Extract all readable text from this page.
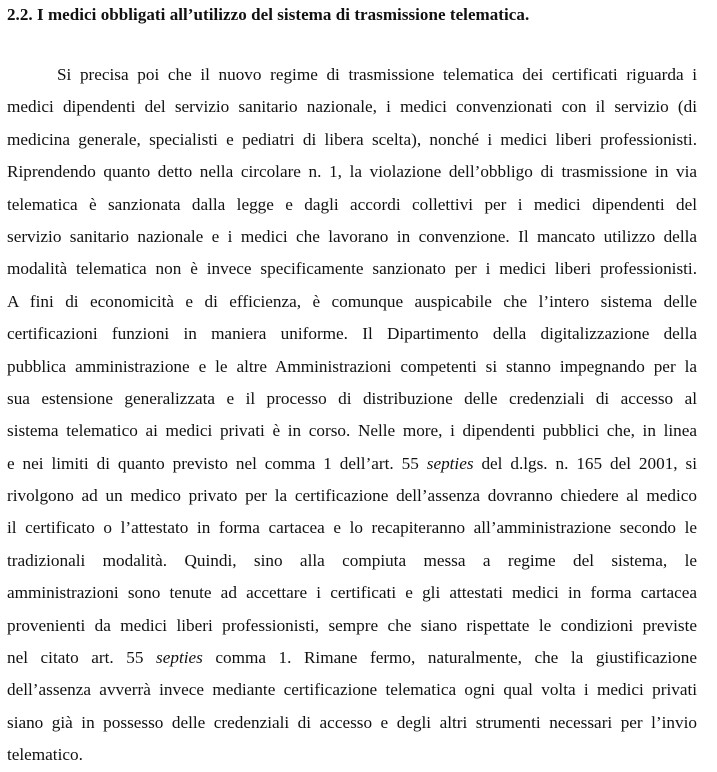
2.2. I medici obbligati all’utilizzo del sistema di trasmissione telematica.
Si precisa poi che il nuovo regime di trasmissione telematica dei certificati riguarda i
medici dipendenti del servizio sanitario nazionale, i medici convenzionati con il servizio (di
medicina generale, specialisti e pediatri di libera scelta), nonché i medici liberi professionisti.
Riprendendo quanto detto nella circolare n. 1, la violazione dell’obbligo di trasmissione in via
telematica è sanzionata dalla legge e dagli accordi collettivi per i medici dipendenti del
servizio sanitario nazionale e i medici che lavorano in convenzione. Il mancato utilizzo della
modalità telematica non è invece specificamente sanzionato per i medici liberi professionisti.
A fini di economicità e di efficienza, è comunque auspicabile che l’intero sistema delle
certificazioni funzioni in maniera uniforme. Il Dipartimento della digitalizzazione della
pubblica amministrazione e le altre Amministrazioni competenti si stanno impegnando per la
sua estensione generalizzata e il processo di distribuzione delle credenziali di accesso al
sistema telematico ai medici privati è in corso. Nelle more, i dipendenti pubblici che, in linea
e nei limiti di quanto previsto nel comma 1 dell’art. 55 septies del d.lgs. n. 165 del 2001, si
rivolgono ad un medico privato per la certificazione dell’assenza dovranno chiedere al medico
il certificato o l’attestato in forma cartacea e lo recapiteranno all’amministrazione secondo le
tradizionali modalità. Quindi, sino alla compiuta messa a regime del sistema, le
amministrazioni sono tenute ad accettare i certificati e gli attestati medici in forma cartacea
provenienti da medici liberi professionisti, sempre che siano rispettate le condizioni previste
nel citato art. 55 septies comma 1. Rimane fermo, naturalmente, che la giustificazione
dell’assenza avverrà invece mediante certificazione telematica ogni qual volta i medici privati
siano già in possesso delle credenziali di accesso e degli altri strumenti necessari per l’invio
telematico.
